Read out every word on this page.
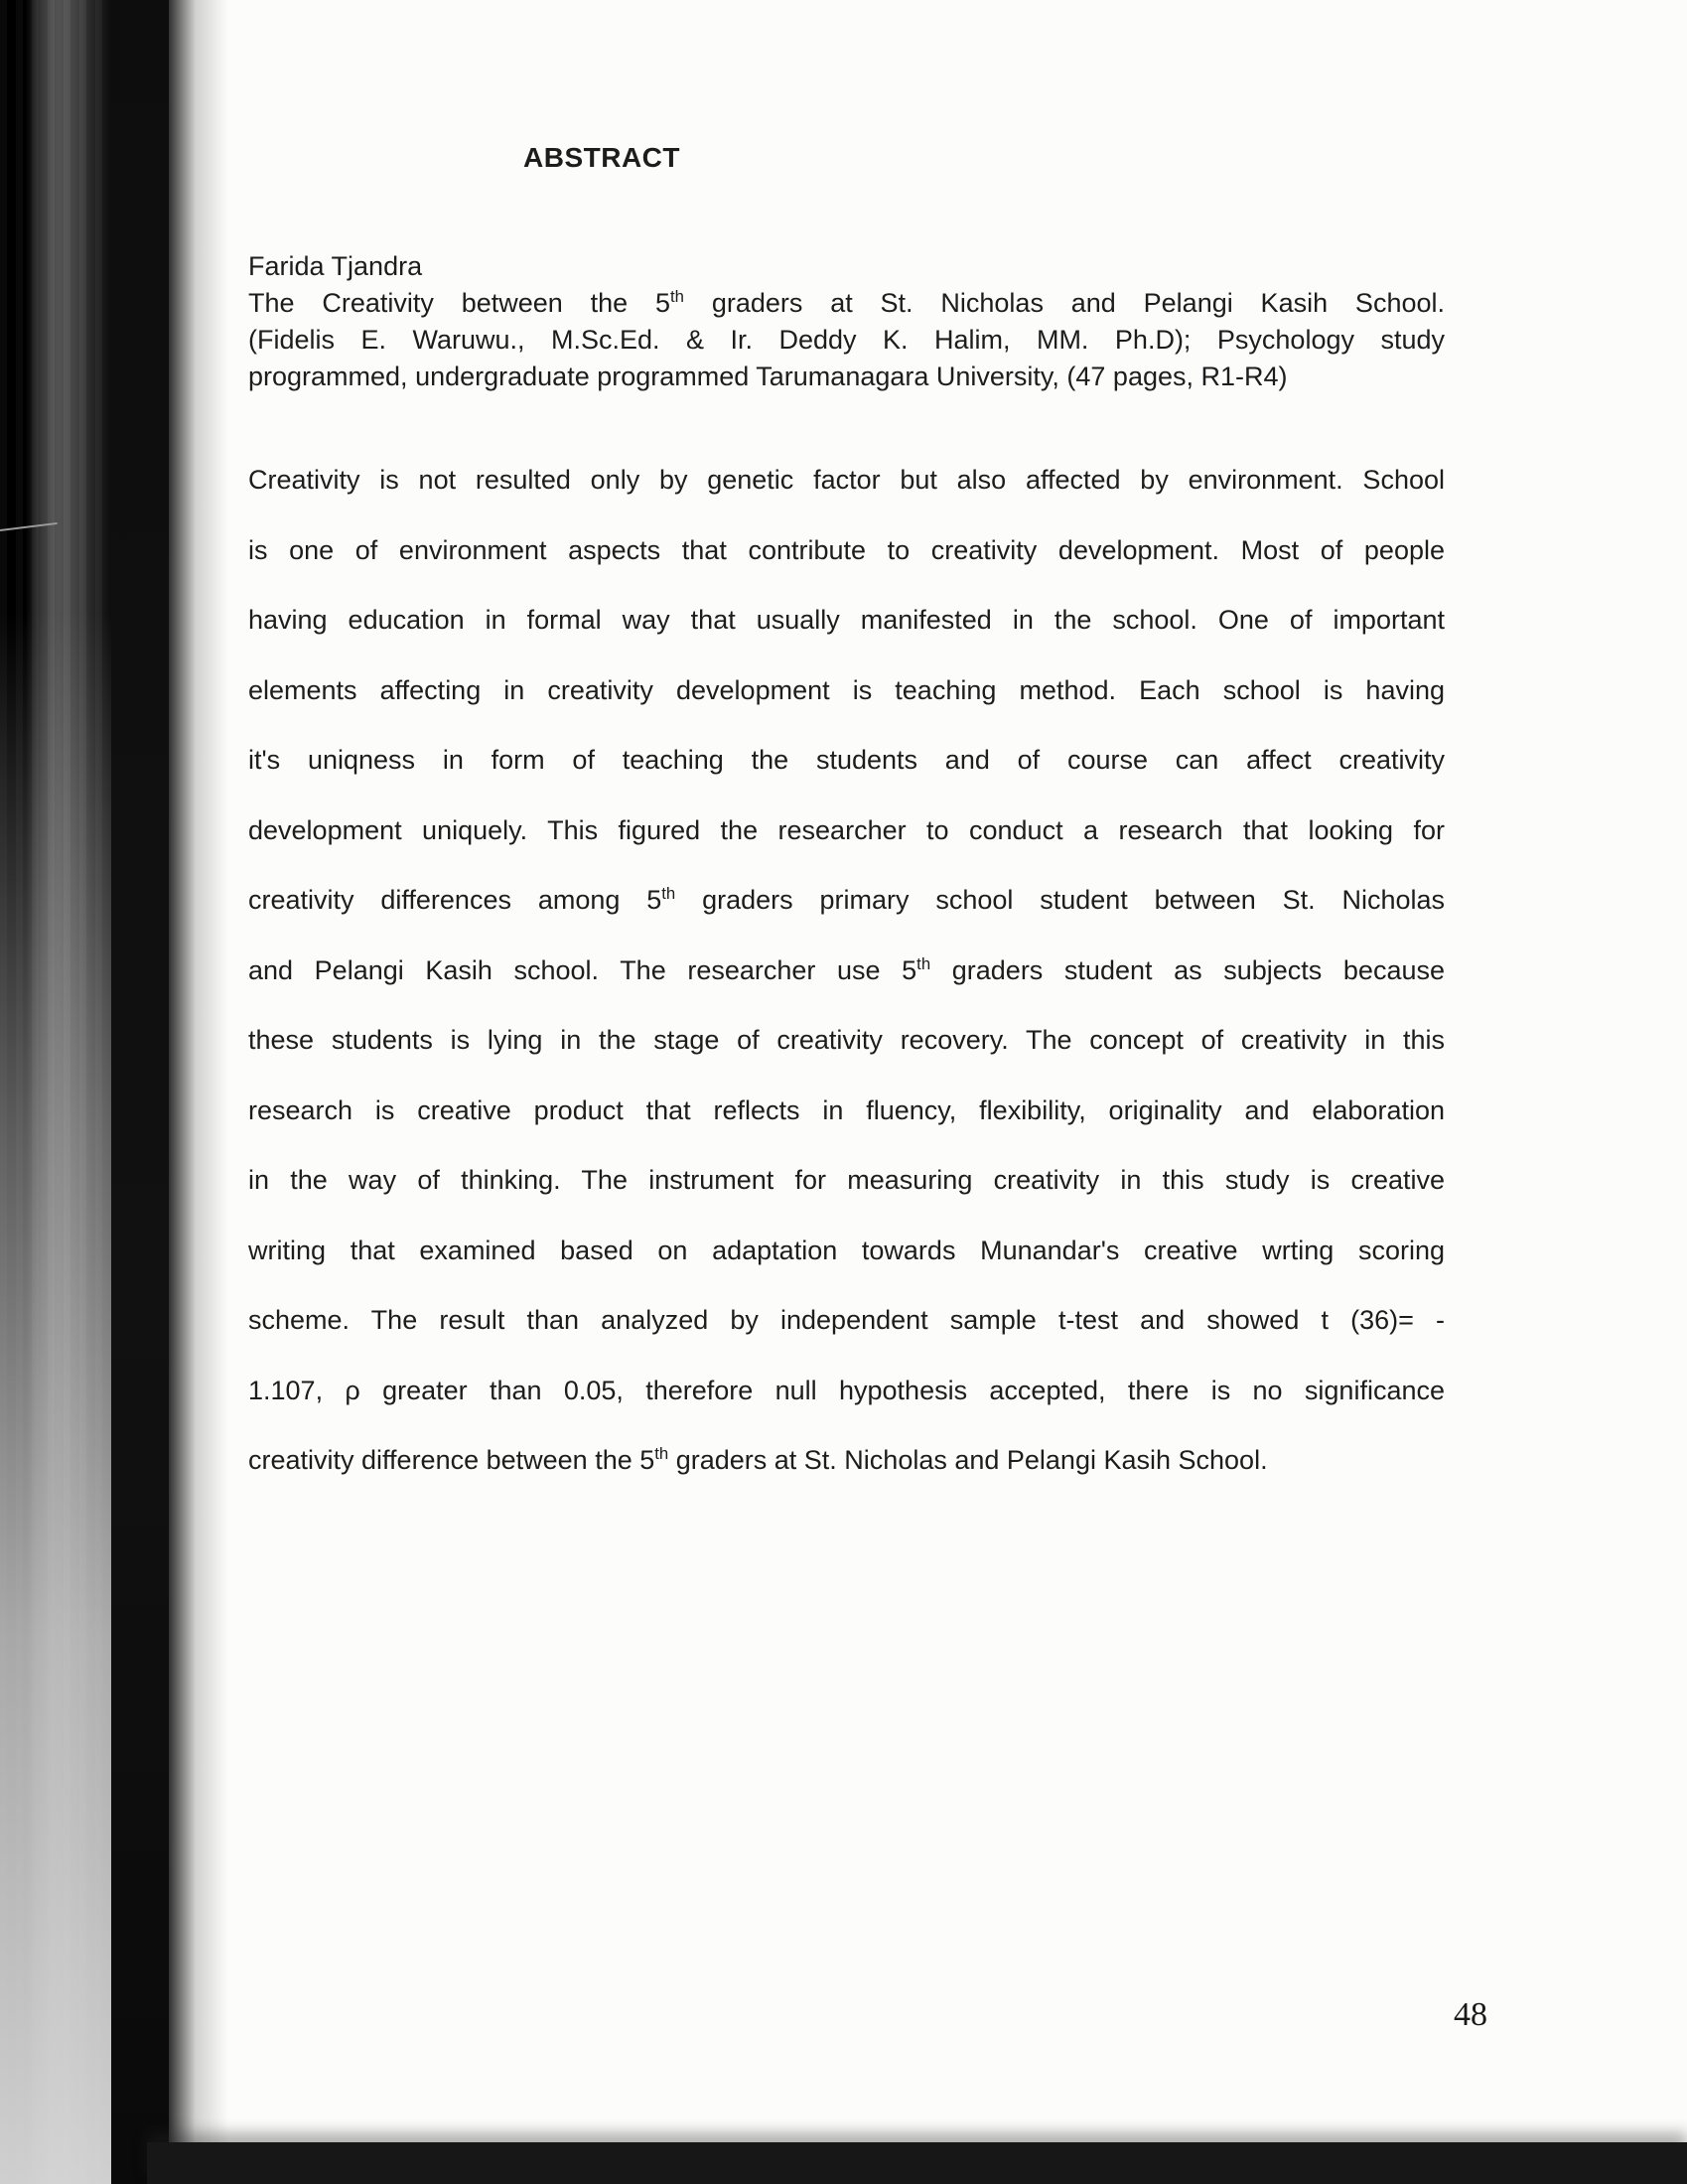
ABSTRACT
Farida Tjandra
The Creativity between the 5th graders at St. Nicholas and Pelangi Kasih School.
(Fidelis E. Waruwu., M.Sc.Ed. & Ir. Deddy K. Halim, MM. Ph.D); Psychology study
programmed, undergraduate programmed Tarumanagara University, (47 pages, R1-R4)
Creativity is not resulted only by genetic factor but also affected by environment. School
is one of environment aspects that contribute to creativity development. Most of people
having education in formal way that usually manifested in the school. One of important
elements affecting in creativity development is teaching method. Each school is having
it's uniqness in form of teaching the students and of course can affect creativity
development uniquely. This figured the researcher to conduct a research that looking for
creativity differences among 5th graders primary school student between St. Nicholas
and Pelangi Kasih school. The researcher use 5th graders student as subjects because
these students is lying in the stage of creativity recovery. The concept of creativity in this
research is creative product that reflects in fluency, flexibility, originality and elaboration
in the way of thinking. The instrument for measuring creativity in this study is creative
writing that examined based on adaptation towards Munandar's creative wrting scoring
scheme. The result than analyzed by independent sample t-test and showed t (36)= -
1.107, ρ greater than 0.05, therefore null hypothesis accepted, there is no significance
creativity difference between the 5th graders at St. Nicholas and Pelangi Kasih School.
48
